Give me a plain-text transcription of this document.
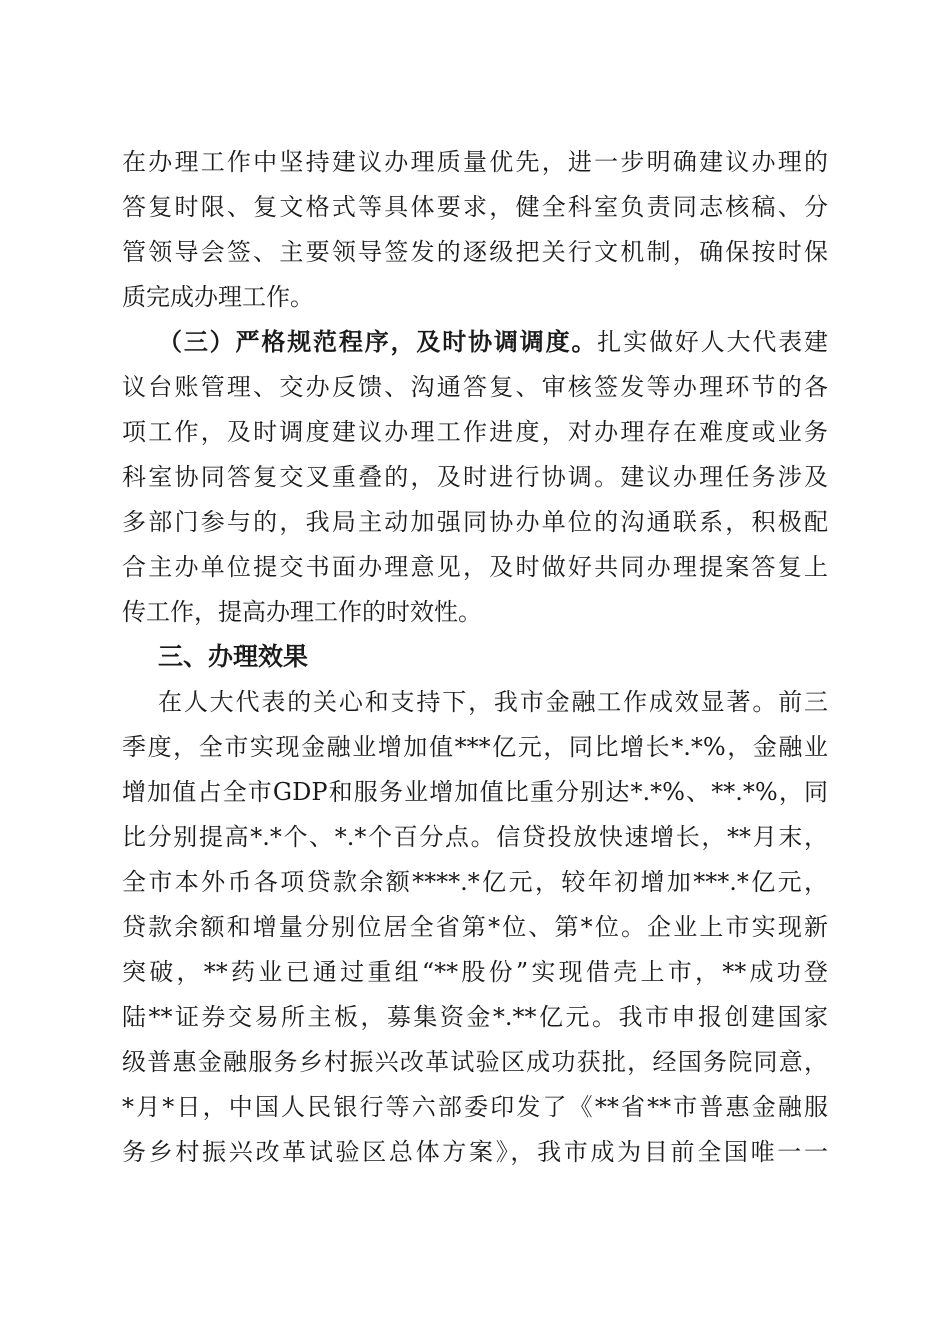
在办理工作中坚持建议办理质量优先，进一步明确建议办理的
答复时限、复文格式等具体要求，健全科室负责同志核稿、分
管领导会签、主要领导签发的逐级把关行文机制，确保按时保
质完成办理工作。
（三）严格规范程序，及时协调调度。扎实做好人大代表建
议台账管理、交办反馈、沟通答复、审核签发等办理环节的各
项工作，及时调度建议办理工作进度，对办理存在难度或业务
科室协同答复交叉重叠的，及时进行协调。建议办理任务涉及
多部门参与的，我局主动加强同协办单位的沟通联系，积极配
合主办单位提交书面办理意见，及时做好共同办理提案答复上
传工作，提高办理工作的时效性。
三、办理效果
在人大代表的关心和支持下，我市金融工作成效显著。前三
季度，全市实现金融业增加值***亿元，同比增长*.*%，金融业
增加值占全市GDP和服务业增加值比重分别达*.*%、**.*%，同
比分别提高*.*个、*.*个百分点。信贷投放快速增长，**月末，
全市本外币各项贷款余额****.*亿元，较年初增加***.*亿元，
贷款余额和增量分别位居全省第*位、第*位。企业上市实现新
突破，**药业已通过重组“**股份”实现借壳上市，**成功登
陆**证券交易所主板，募集资金*.**亿元。我市申报创建国家
级普惠金融服务乡村振兴改革试验区成功获批，经国务院同意，
*月*日，中国人民银行等六部委印发了《**省**市普惠金融服
务乡村振兴改革试验区总体方案》，我市成为目前全国唯一一
